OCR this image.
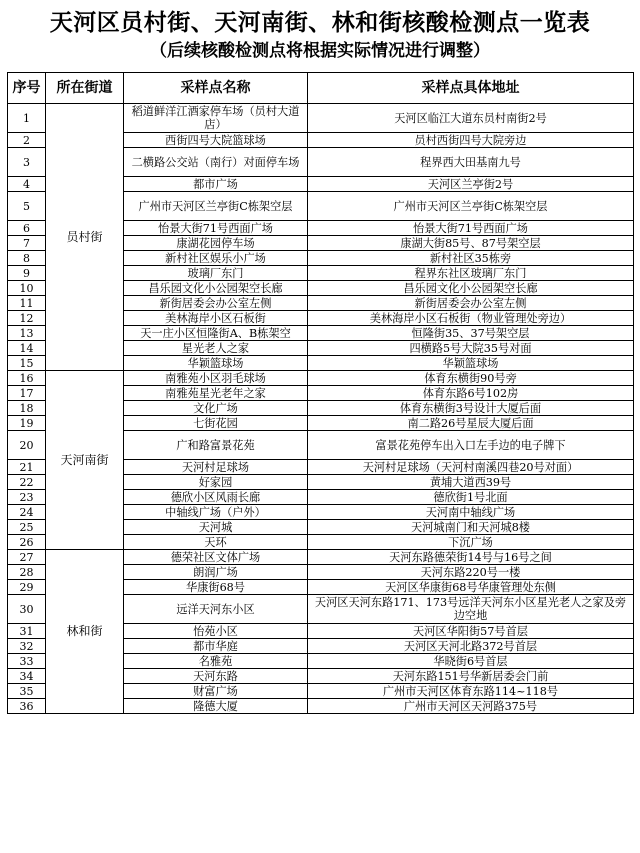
天河区员村街、天河南街、林和街核酸检测点一览表
（后续核酸检测点将根据实际情况进行调整）
序号	所在街道	采样点名称	采样点具体地址
1	员村街	稻道鲜洋江酒家停车场（员村大道店）	天河区临江大道东员村南街2号
2		西街四号大院篮球场	员村西街四号大院旁边
3		二横路公交站（南行）对面停车场	程界西大田基南九号
4		都市广场	天河区兰亭街2号
5		广州市天河区兰亭街C栋架空层	广州市天河区兰亭街C栋架空层
6		怡景大街71号西面广场	怡景大街71号西面广场
7		康湖花园停车场	康湖大街85号、87号架空层
8		新村社区娱乐小广场	新村社区35栋旁
9		玻璃厂东门	程界东社区玻璃厂东门
10		昌乐园文化小公园架空长廊	昌乐园文化小公园架空长廊
11		新街居委会办公室左侧	新街居委会办公室左侧
12		美林海岸小区石板街	美林海岸小区石板街（物业管理处旁边）
13		天一庄小区恒隆街A、B栋架空	恒隆街35、37号架空层
14		星光老人之家	四横路5号大院35号对面
15		华颖篮球场	华颖篮球场
16	天河南街	南雅苑小区羽毛球场	体育东横街90号旁
17		南雅苑星光老年之家	体育东路6号102房
18		文化广场	体育东横街3号设计大厦后面
19		七街花园	南二路26号星辰大厦后面
20		广和路富景花苑	富景花苑停车出入口左手边的电子牌下
21		天河村足球场	天河村足球场（天河村南溪四巷20号对面）
22		好家园	黄埔大道西39号
23		德欣小区风雨长廊	德欣街1号北面
24		中轴线广场（户外）	天河南中轴线广场
25		天河城	天河城南门和天河城8楼
26		天环	下沉广场
27	林和街	德荣社区文体广场	天河东路德荣街14号与16号之间
28		朗润广场	天河东路220号一楼
29		华康街68号	天河区华康街68号华康管理处东侧
30		远洋天河东小区	天河区天河东路171、173号远洋天河东小区星光老人之家及旁边空地
31		怡苑小区	天河区华阳街57号首层
32		都市华庭	天河区天河北路372号首层
33		名雅苑	华晓街6号首层
34		天河东路	天河东路151号华新居委会门前
35		财富广场	广州市天河区体育东路114~118号
36		隆德大厦	广州市天河区天河路375号
